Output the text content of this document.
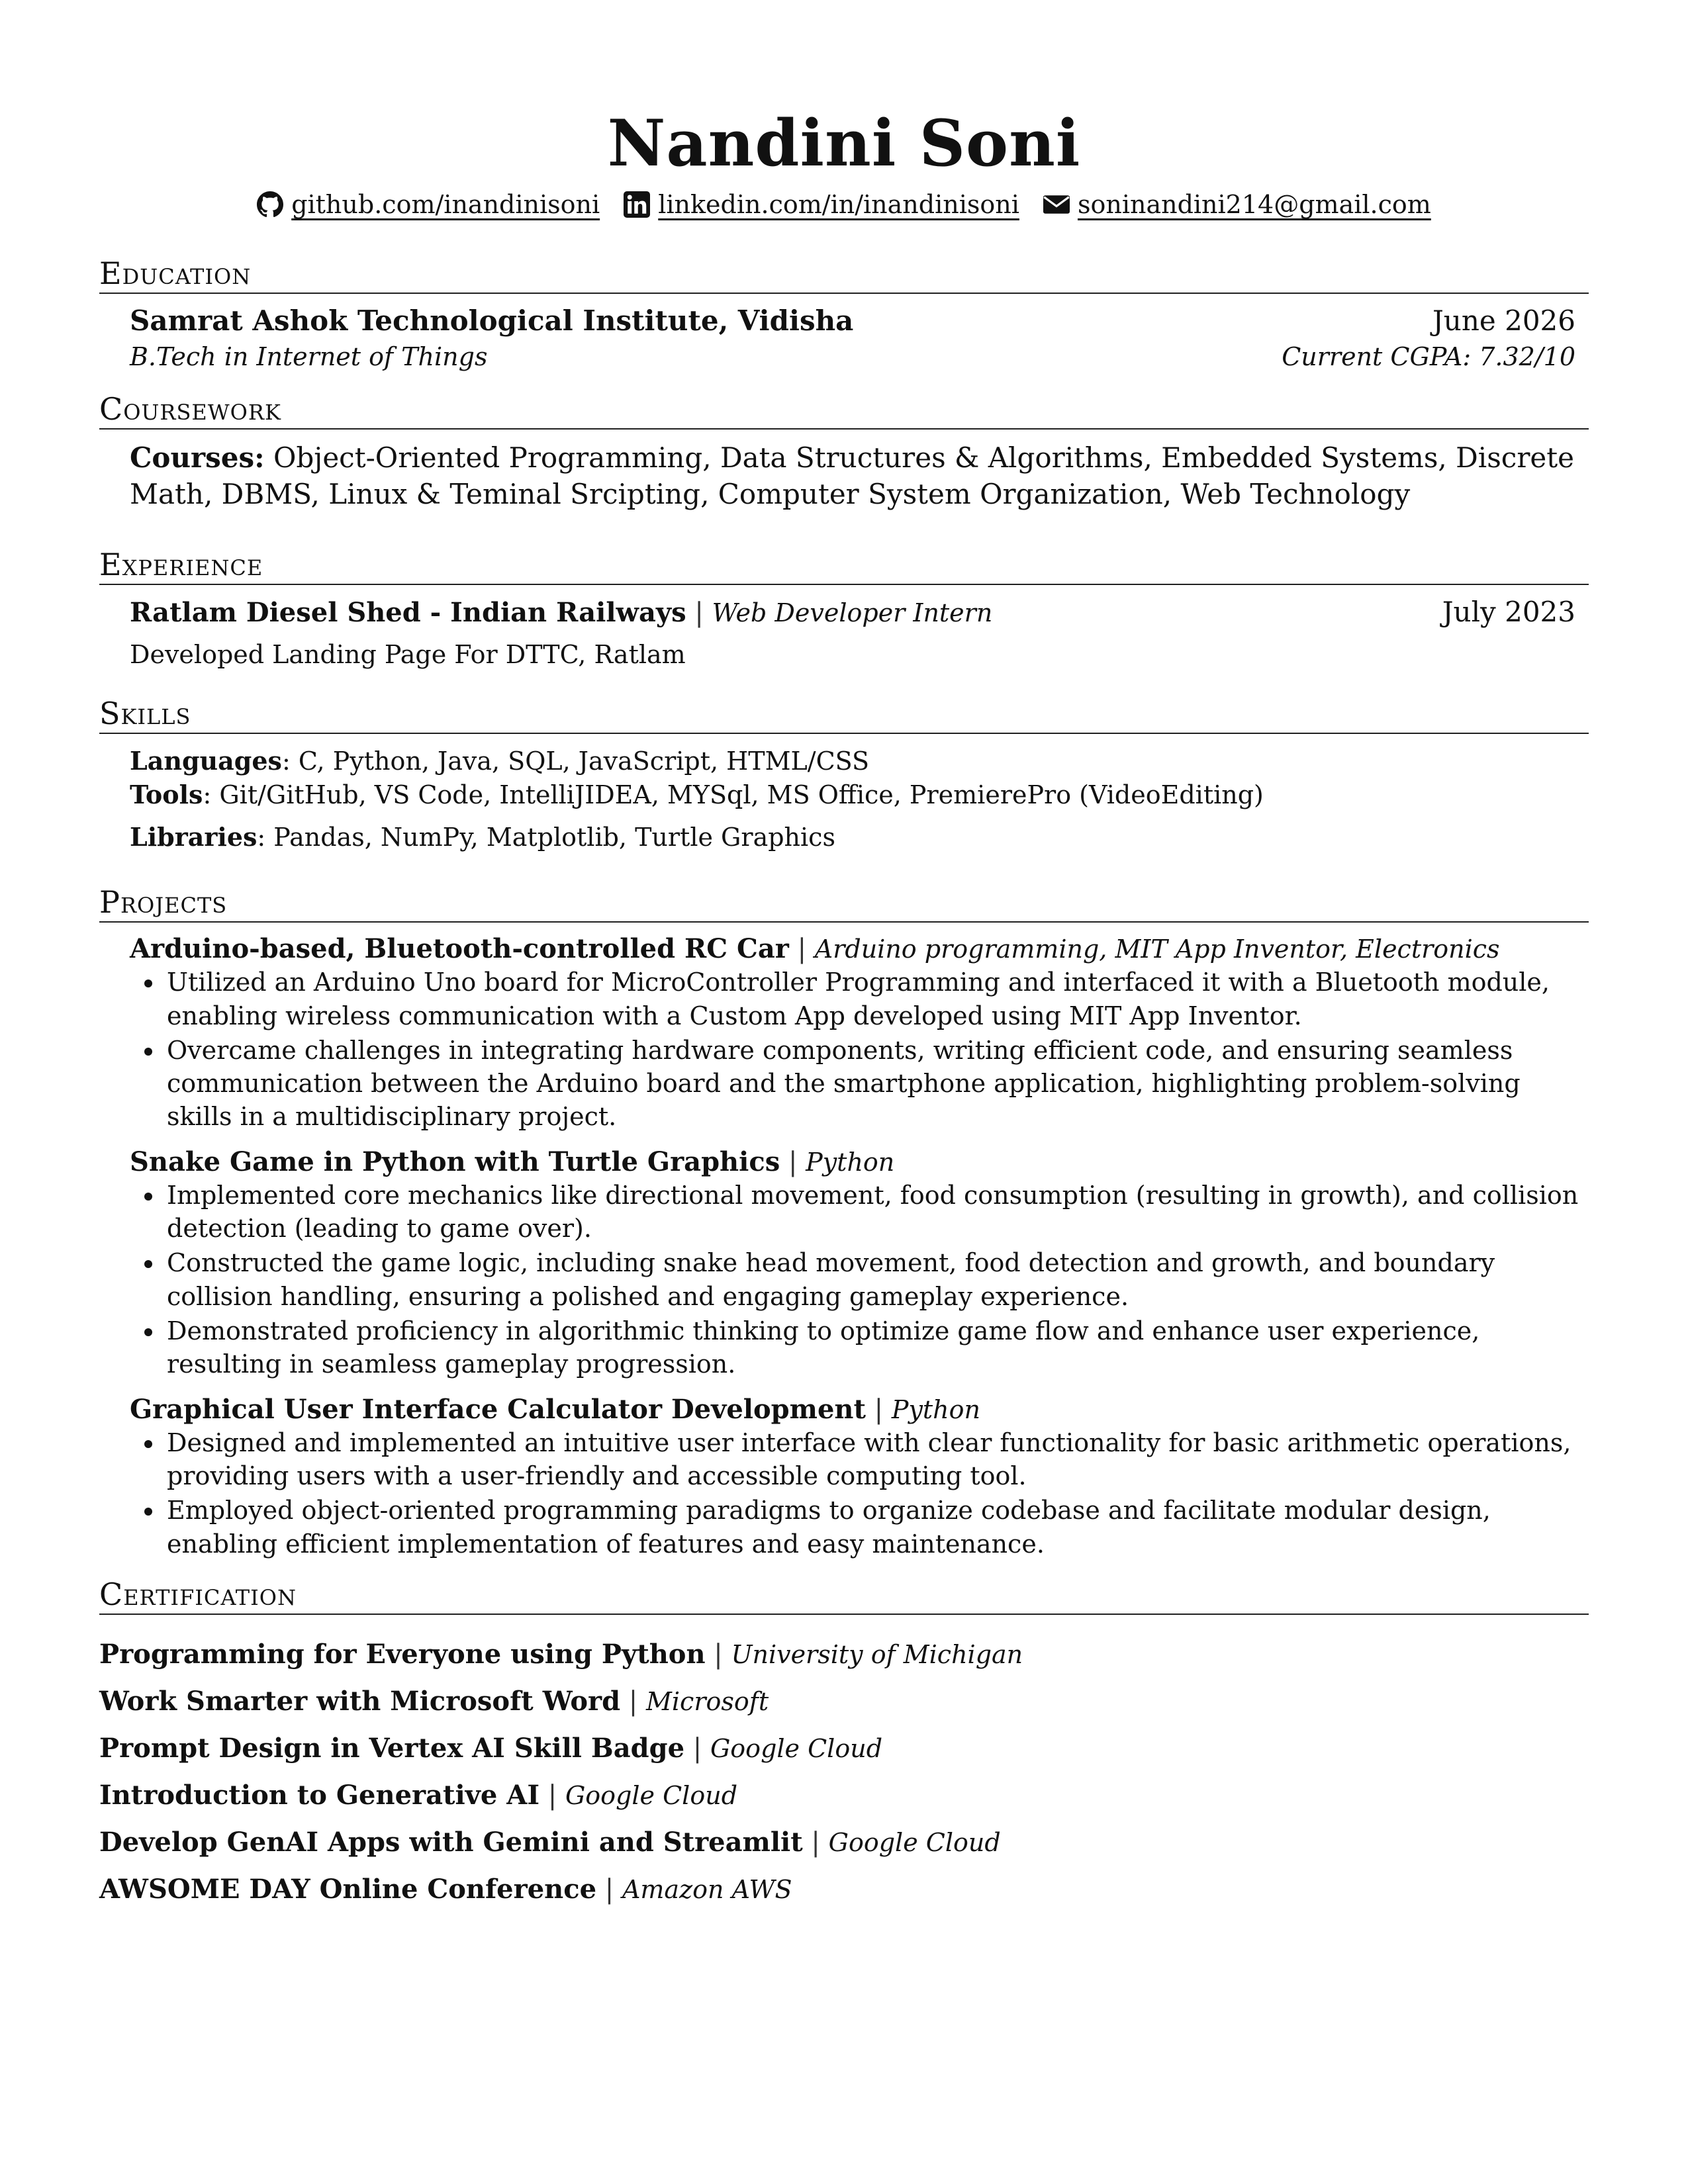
Nandini Soni
github.com/inandinisoni
linkedin.com/in/inandinisoni
soninandini214@gmail.com
Education
Samrat Ashok Technological Institute, Vidisha	June 2026
B.Tech in Internet of Things	Current CGPA: 7.32/10
Coursework
Courses: Object-Oriented Programming, Data Structures & Algorithms, Embedded Systems, Discrete Math, DBMS, Linux & Teminal Srcipting, Computer System Organization, Web Technology
Experience
Ratlam Diesel Shed - Indian Railways | Web Developer Intern	July 2023
Developed Landing Page For DTTC, Ratlam
Skills
Languages: C, Python, Java, SQL, JavaScript, HTML/CSS
Tools: Git/GitHub, VS Code, IntelliJIDEA, MYSql, MS Office, PremierePro (VideoEditing)
Libraries: Pandas, NumPy, Matplotlib, Turtle Graphics
Projects
Arduino-based, Bluetooth-controlled RC Car | Arduino programming, MIT App Inventor, Electronics
• Utilized an Arduino Uno board for MicroController Programming and interfaced it with a Bluetooth module, enabling wireless communication with a Custom App developed using MIT App Inventor.
• Overcame challenges in integrating hardware components, writing efficient code, and ensuring seamless communication between the Arduino board and the smartphone application, highlighting problem-solving skills in a multidisciplinary project.
Snake Game in Python with Turtle Graphics | Python
• Implemented core mechanics like directional movement, food consumption (resulting in growth), and collision detection (leading to game over).
• Constructed the game logic, including snake head movement, food detection and growth, and boundary collision handling, ensuring a polished and engaging gameplay experience.
• Demonstrated proficiency in algorithmic thinking to optimize game flow and enhance user experience, resulting in seamless gameplay progression.
Graphical User Interface Calculator Development | Python
• Designed and implemented an intuitive user interface with clear functionality for basic arithmetic operations, providing users with a user-friendly and accessible computing tool.
• Employed object-oriented programming paradigms to organize codebase and facilitate modular design, enabling efficient implementation of features and easy maintenance.
Certification
Programming for Everyone using Python | University of Michigan
Work Smarter with Microsoft Word | Microsoft
Prompt Design in Vertex AI Skill Badge | Google Cloud
Introduction to Generative AI | Google Cloud
Develop GenAI Apps with Gemini and Streamlit | Google Cloud
AWSOME DAY Online Conference | Amazon AWS
